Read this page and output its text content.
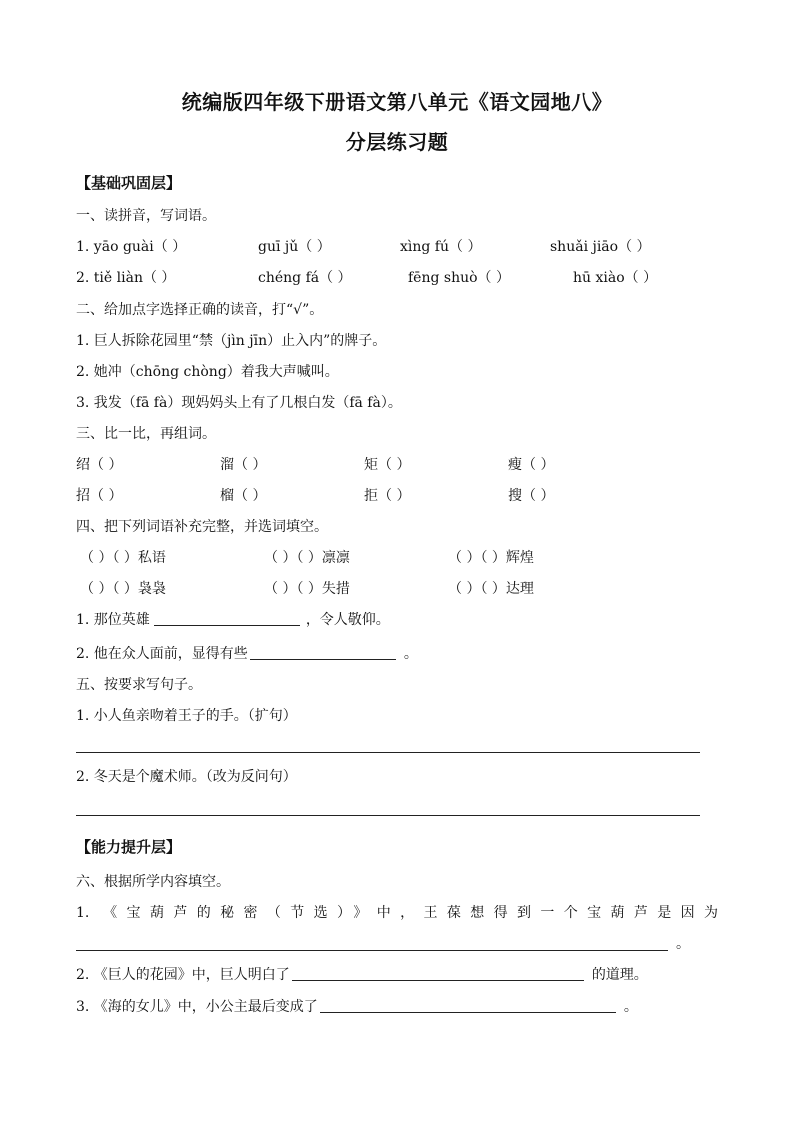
统编版四年级下册语文第八单元《语文园地八》
分层练习题
【基础巩固层】
一、读拼音，写词语。
1. yāo guài（ ）	guī jǔ（ ）	xìng fú（ ）	shuǎi jiāo（ ）
2. tiě liàn（ ）	chéng fá（ ）	fēng shuò（ ）	hū xiào（ ）
二、给加点字选择正确的读音，打“√”。
1. 巨人拆除花园里“禁（jìn jīn）止入内”的牌子。
2. 她冲（chōng chòng）着我大声喊叫。
3. 我发（fā fà）现妈妈头上有了几根白发（fā fà）。
三、比一比，再组词。
绍（ ）	溜（ ）	矩（ ）	瘦（ ）
招（ ）	榴（ ）	拒（ ）	搜（ ）
四、把下列词语补充完整，并选词填空。
（ ）（ ）私语	（ ）（ ）凛凛	（ ）（ ）辉煌
（ ）（ ）袅袅	（ ）（ ）失措	（ ）（ ）达理
1. 那位英雄	，令人敬仰。
2. 他在众人面前，显得有些	。
五、按要求写句子。
1. 小人鱼亲吻着王子的手。（扩句）
2. 冬天是个魔术师。（改为反问句）
【能力提升层】
六、根据所学内容填空。
1. 《宝葫芦的秘密（节选）》中，王葆想得到一个宝葫芦是因为
。
2. 《巨人的花园》中，巨人明白了	的道理。
3. 《海的女儿》中，小公主最后变成了	。
